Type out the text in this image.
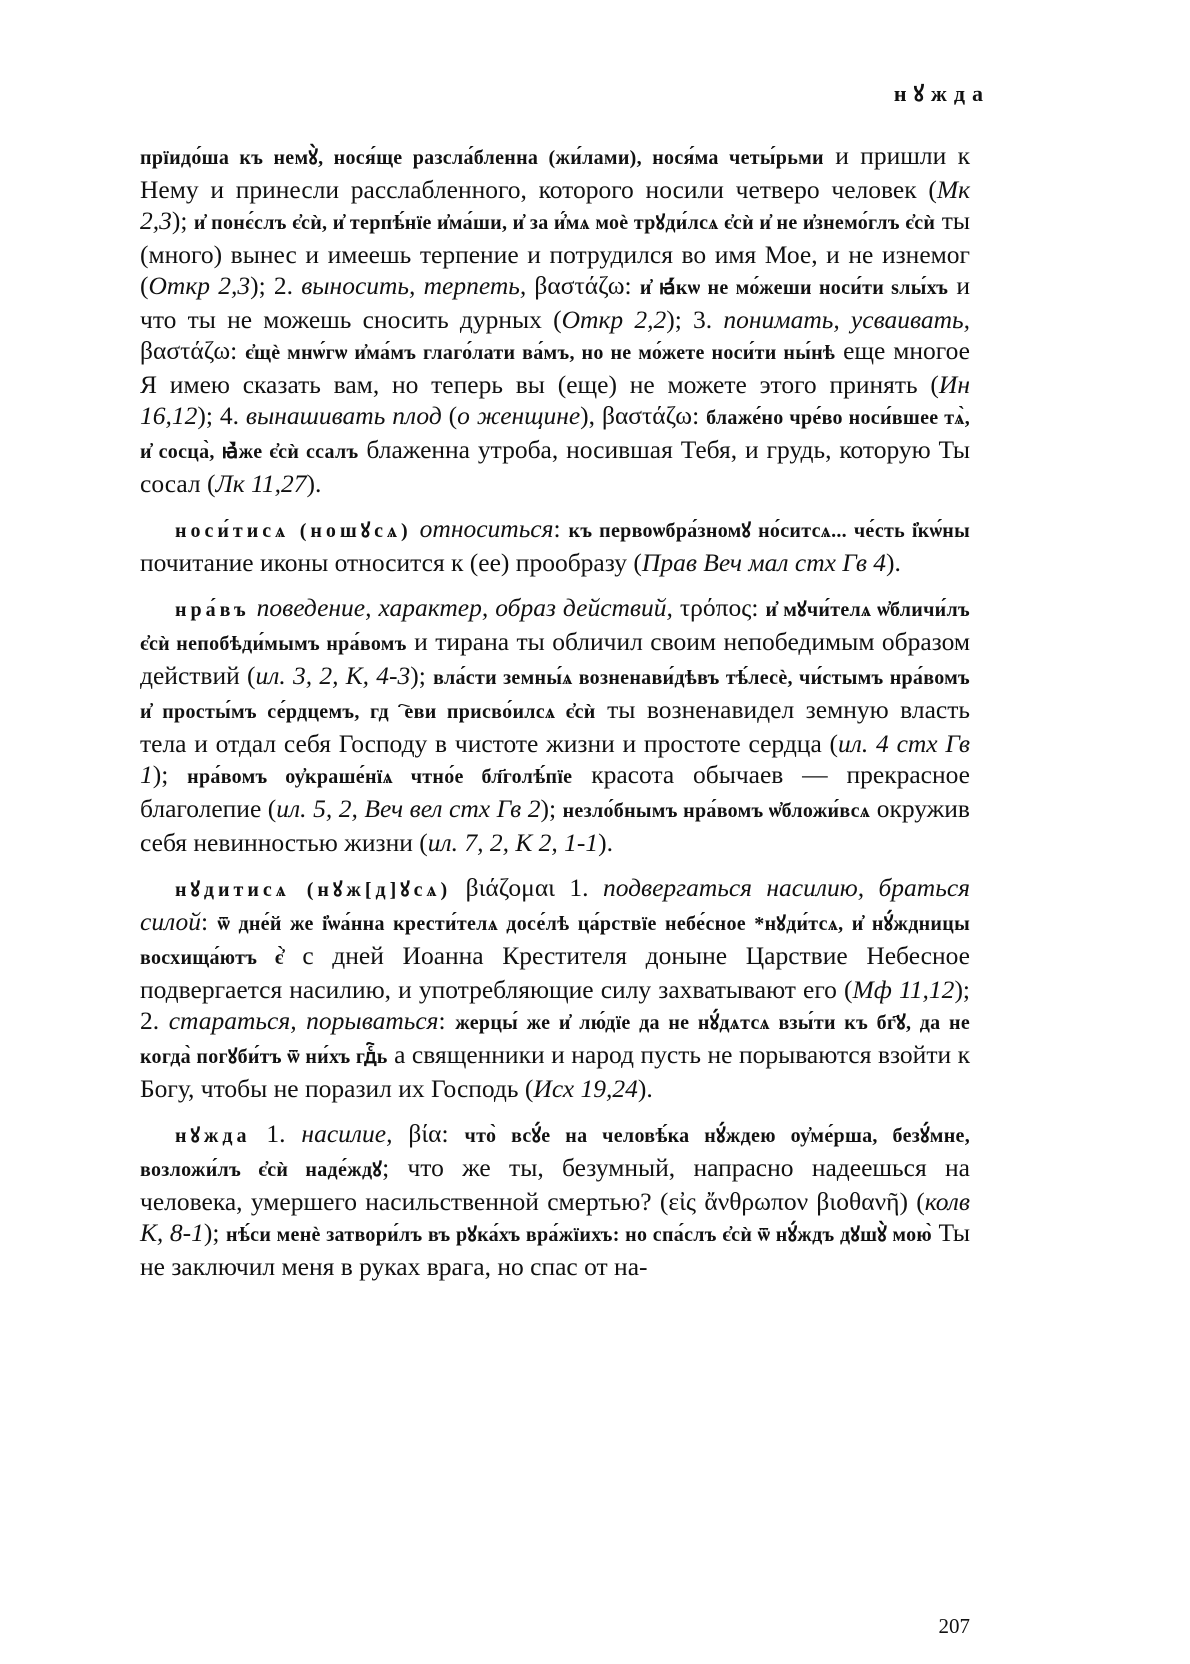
нꙋжда

прїидо́ша къ немꙋ̀, нося́ще разсла́бленна (жи́лами), нося́ма четы́рьми и пришли к Нему и принесли расслабленного, которого носили четверо человек (Мк 2,3); и҆ понє́слъ є҆сѝ, и҆ терпѣ́нїе и҆ма́ши, и҆ за и҆́мѧ моѐ трꙋди́лсѧ є҆сѝ и҆ не и҆знемо́глъ є҆сѝ ты (много) вынес и имеешь терпение и потрудился во имя Мое, и не изнемог (Откр 2,3); 2. выносить, терпеть, βαστάζω: и҆ ꙗ҆́кѡ не мо́жеши носи́ти ѕлы́хъ и что ты не можешь сносить дурных (Откр 2,2); 3. понимать, усваивать, βαστάζω: є҆щѐ мнѡ́гѡ и҆ма́мъ глаго́лати ва́мъ, но не мо́жете носи́ти ны́нѣ еще многое Я имею сказать вам, но теперь вы (еще) не можете этого принять (Ин 16,12); 4. вынашивать плод (о женщине), βαστάζω: блаже́но чре́во носи́вшее тѧ̀, и҆ сосца̀, ꙗ҆̀же є҆сѝ ссалъ блаженна утроба, носившая Тебя, и грудь, которую Ты сосал (Лк 11,27).

носи́тисѧ (ношꙋсѧ) относиться: къ первоѡбра́зномꙋ но́ситсѧ... че́сть і҆кѡ́ны почитание иконы относится к (ее) прообразу (Прав Веч мал стх Гв 4).

нра́въ поведение, характер, образ действий, τρόπος: и҆ мꙋчи́телѧ ѡ҆бличи́лъ є҆сѝ непобѣди́мымъ нра́вомъ и тирана ты обличил своим непобедимым образом действий (ил. 3, 2, К, 4-3); вла́сти земны́ѧ возненави́дѣвъ тѣ́лесѐ, чи́стымъ нра́вомъ и҆ просты́мъ се́рдцемъ, гдⷭ҇еви присво́илсѧ є҆сѝ ты возненавидел земную власть тела и отдал себя Господу в чистоте жизни и простоте сердца (ил. 4 стх Гв 1); нра́вомъ оу҆краше́нїѧ чтно́е бл҃голѣ́пїе красота обычаев — прекрасное благолепие (ил. 5, 2, Веч вел стх Гв 2); незло́бнымъ нра́вомъ ѡ҆бложи́всѧ окружив себя невинностью жизни (ил. 7, 2, К 2, 1-1).

нꙋдитисѧ (нꙋж[д]ꙋсѧ) βιάζομαι 1. подвергаться насилию, браться силой: ѿ дне́й же і҆ѡа́нна крести́телѧ досе́лѣ ца́рствїе небе́сное *нꙋди́тсѧ, и҆ нꙋ́ждницы восхища́ютъ є҆̀ с дней Иоанна Крестителя доныне Царствие Небесное подвергается насилию, и употребляющие силу захватывают его (Мф 11,12); 2. стараться, порываться: жерцы́ же и҆ лю́дїе да не нꙋ́дѧтсѧ взы́ти къ бг҃ꙋ, да не когда̀ погꙋби́тъ ѿ ни́хъ гдⷭ҇ь а священники и народ пусть не порываются взойти к Богу, чтобы не поразил их Господь (Исх 19,24).

нꙋжда 1. насилие, βία: что̀ всꙋ́е на человѣ́ка нꙋ́ждею оу҆ме́рша, безꙋ́мне, возложи́лъ є҆сѝ наде́ждꙋ; что же ты, безумный, напрасно надеешься на человека, умершего насильственной смертью? (εἰς ἄνθρωπον βιοθανῆ) (колв К, 8-1); нѣ́си менѐ затвори́лъ въ рꙋка́хъ вра́жїихъ: но спа́слъ є҆сѝ ѿ нꙋ́ждъ дꙋшꙋ̀ мою̀ Ты не заключил меня в руках врага, но спас от на-

207
